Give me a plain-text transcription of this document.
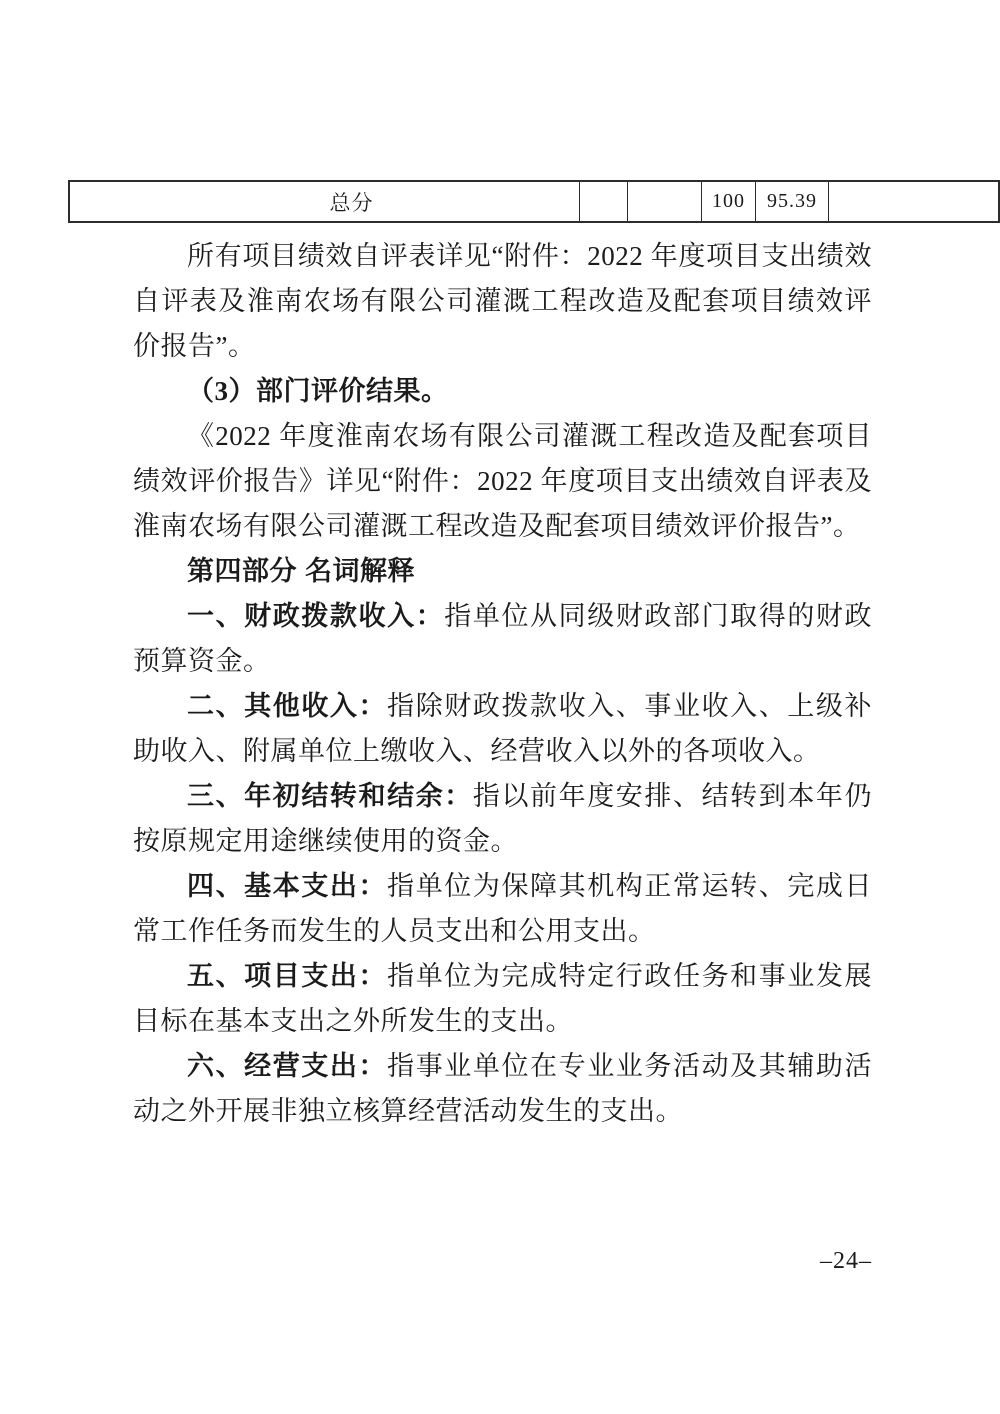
总分			100	95.39	

所有项目绩效自评表详见“附件：2022 年度项目支出绩效自评表及淮南农场有限公司灌溉工程改造及配套项目绩效评价报告”。

（3）部门评价结果。

《2022 年度淮南农场有限公司灌溉工程改造及配套项目绩效评价报告》详见“附件：2022 年度项目支出绩效自评表及淮南农场有限公司灌溉工程改造及配套项目绩效评价报告”。

第四部分 名词解释

一、财政拨款收入：指单位从同级财政部门取得的财政预算资金。

二、其他收入：指除财政拨款收入、事业收入、上级补助收入、附属单位上缴收入、经营收入以外的各项收入。

三、年初结转和结余：指以前年度安排、结转到本年仍按原规定用途继续使用的资金。

四、基本支出：指单位为保障其机构正常运转、完成日常工作任务而发生的人员支出和公用支出。

五、项目支出：指单位为完成特定行政任务和事业发展目标在基本支出之外所发生的支出。

六、经营支出：指事业单位在专业业务活动及其辅助活动之外开展非独立核算经营活动发生的支出。

–24–
